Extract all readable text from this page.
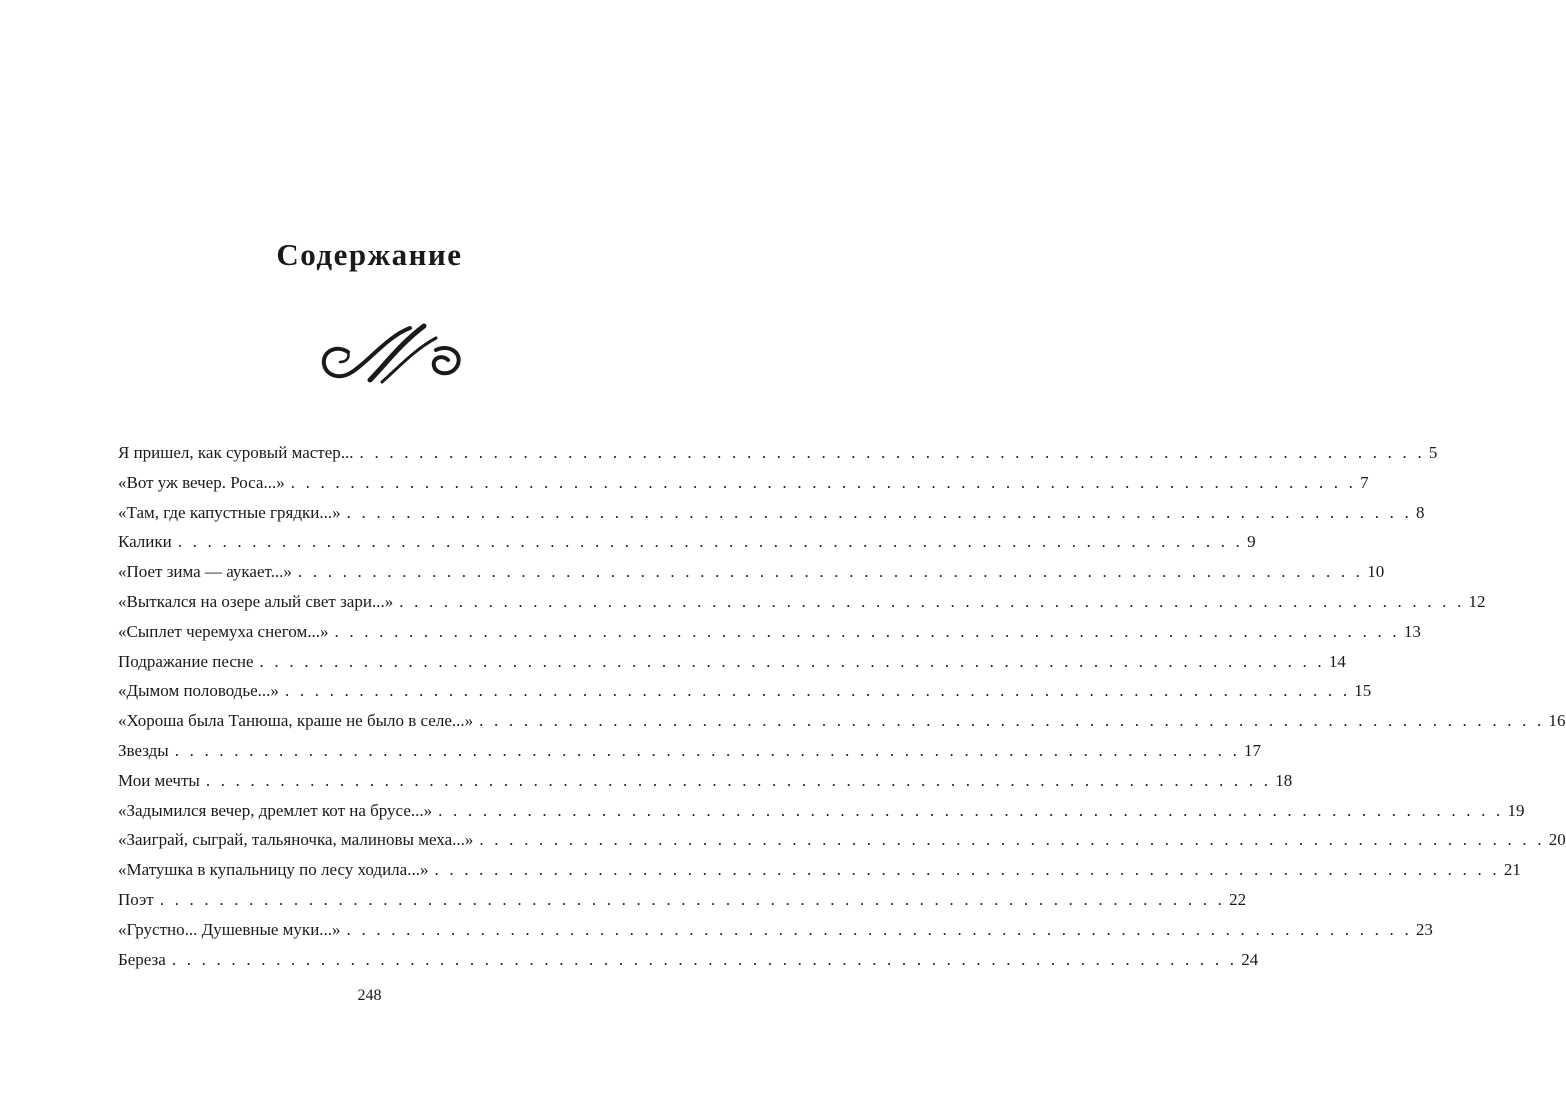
Содержание
Я пришел, как суровый мастер... . . . . . . . . . . . . . . . . . . . . . . . . . . . . . . . . . . . . . . . . . . . . . . . . . . . . . . . . . . . . . . . . . . . . . . . . 5
«Вот уж вечер. Роса...» . . . . . . . . . . . . . . . . . . . . . . . . . . . . . . . . . . . . . . . . . . . . . . . . . . . . . . . . . . . . . . . . . . . . . . . . 7
«Там, где капустные грядки...» . . . . . . . . . . . . . . . . . . . . . . . . . . . . . . . . . . . . . . . . . . . . . . . . . . . . . . . . . . . . . . . . . . . . . . . . 8
Калики . . . . . . . . . . . . . . . . . . . . . . . . . . . . . . . . . . . . . . . . . . . . . . . . . . . . . . . . . . . . . . . . . . . . . . . . 9
«Поет зима — аукает...» . . . . . . . . . . . . . . . . . . . . . . . . . . . . . . . . . . . . . . . . . . . . . . . . . . . . . . . . . . . . . . . . . . . . . . . . 10
«Выткался на озере алый свет зари...» . . . . . . . . . . . . . . . . . . . . . . . . . . . . . . . . . . . . . . . . . . . . . . . . . . . . . . . . . . . . . . . . . . . . . . . . 12
«Сыплет черемуха снегом...» . . . . . . . . . . . . . . . . . . . . . . . . . . . . . . . . . . . . . . . . . . . . . . . . . . . . . . . . . . . . . . . . . . . . . . . . 13
Подражание песне . . . . . . . . . . . . . . . . . . . . . . . . . . . . . . . . . . . . . . . . . . . . . . . . . . . . . . . . . . . . . . . . . . . . . . . . 14
«Дымом половодье...» . . . . . . . . . . . . . . . . . . . . . . . . . . . . . . . . . . . . . . . . . . . . . . . . . . . . . . . . . . . . . . . . . . . . . . . . 15
«Хороша была Танюша, краше не было в селе...» . . . . . . . . . . . . . . . . . . . . . . . . . . . . . . . . . . . . . . . . . . . . . . . . . . . . . . . . . . . . . . . . . . . . . . . . 16
Звезды . . . . . . . . . . . . . . . . . . . . . . . . . . . . . . . . . . . . . . . . . . . . . . . . . . . . . . . . . . . . . . . . . . . . . . . . 17
Мои мечты . . . . . . . . . . . . . . . . . . . . . . . . . . . . . . . . . . . . . . . . . . . . . . . . . . . . . . . . . . . . . . . . . . . . . . . . 18
«Задымился вечер, дремлет кот на брусе...» . . . . . . . . . . . . . . . . . . . . . . . . . . . . . . . . . . . . . . . . . . . . . . . . . . . . . . . . . . . . . . . . . . . . . . . . 19
«Заиграй, сыграй, тальяночка, малиновы меха...» . . . . . . . . . . . . . . . . . . . . . . . . . . . . . . . . . . . . . . . . . . . . . . . . . . . . . . . . . . . . . . . . . . . . . . . . 20
«Матушка в купальницу по лесу ходила...» . . . . . . . . . . . . . . . . . . . . . . . . . . . . . . . . . . . . . . . . . . . . . . . . . . . . . . . . . . . . . . . . . . . . . . . . 21
Поэт . . . . . . . . . . . . . . . . . . . . . . . . . . . . . . . . . . . . . . . . . . . . . . . . . . . . . . . . . . . . . . . . . . . . . . . . 22
«Грустно... Душевные муки...» . . . . . . . . . . . . . . . . . . . . . . . . . . . . . . . . . . . . . . . . . . . . . . . . . . . . . . . . . . . . . . . . . . . . . . . . 23
Береза . . . . . . . . . . . . . . . . . . . . . . . . . . . . . . . . . . . . . . . . . . . . . . . . . . . . . . . . . . . . . . . . . . . . . . . . 24
248
